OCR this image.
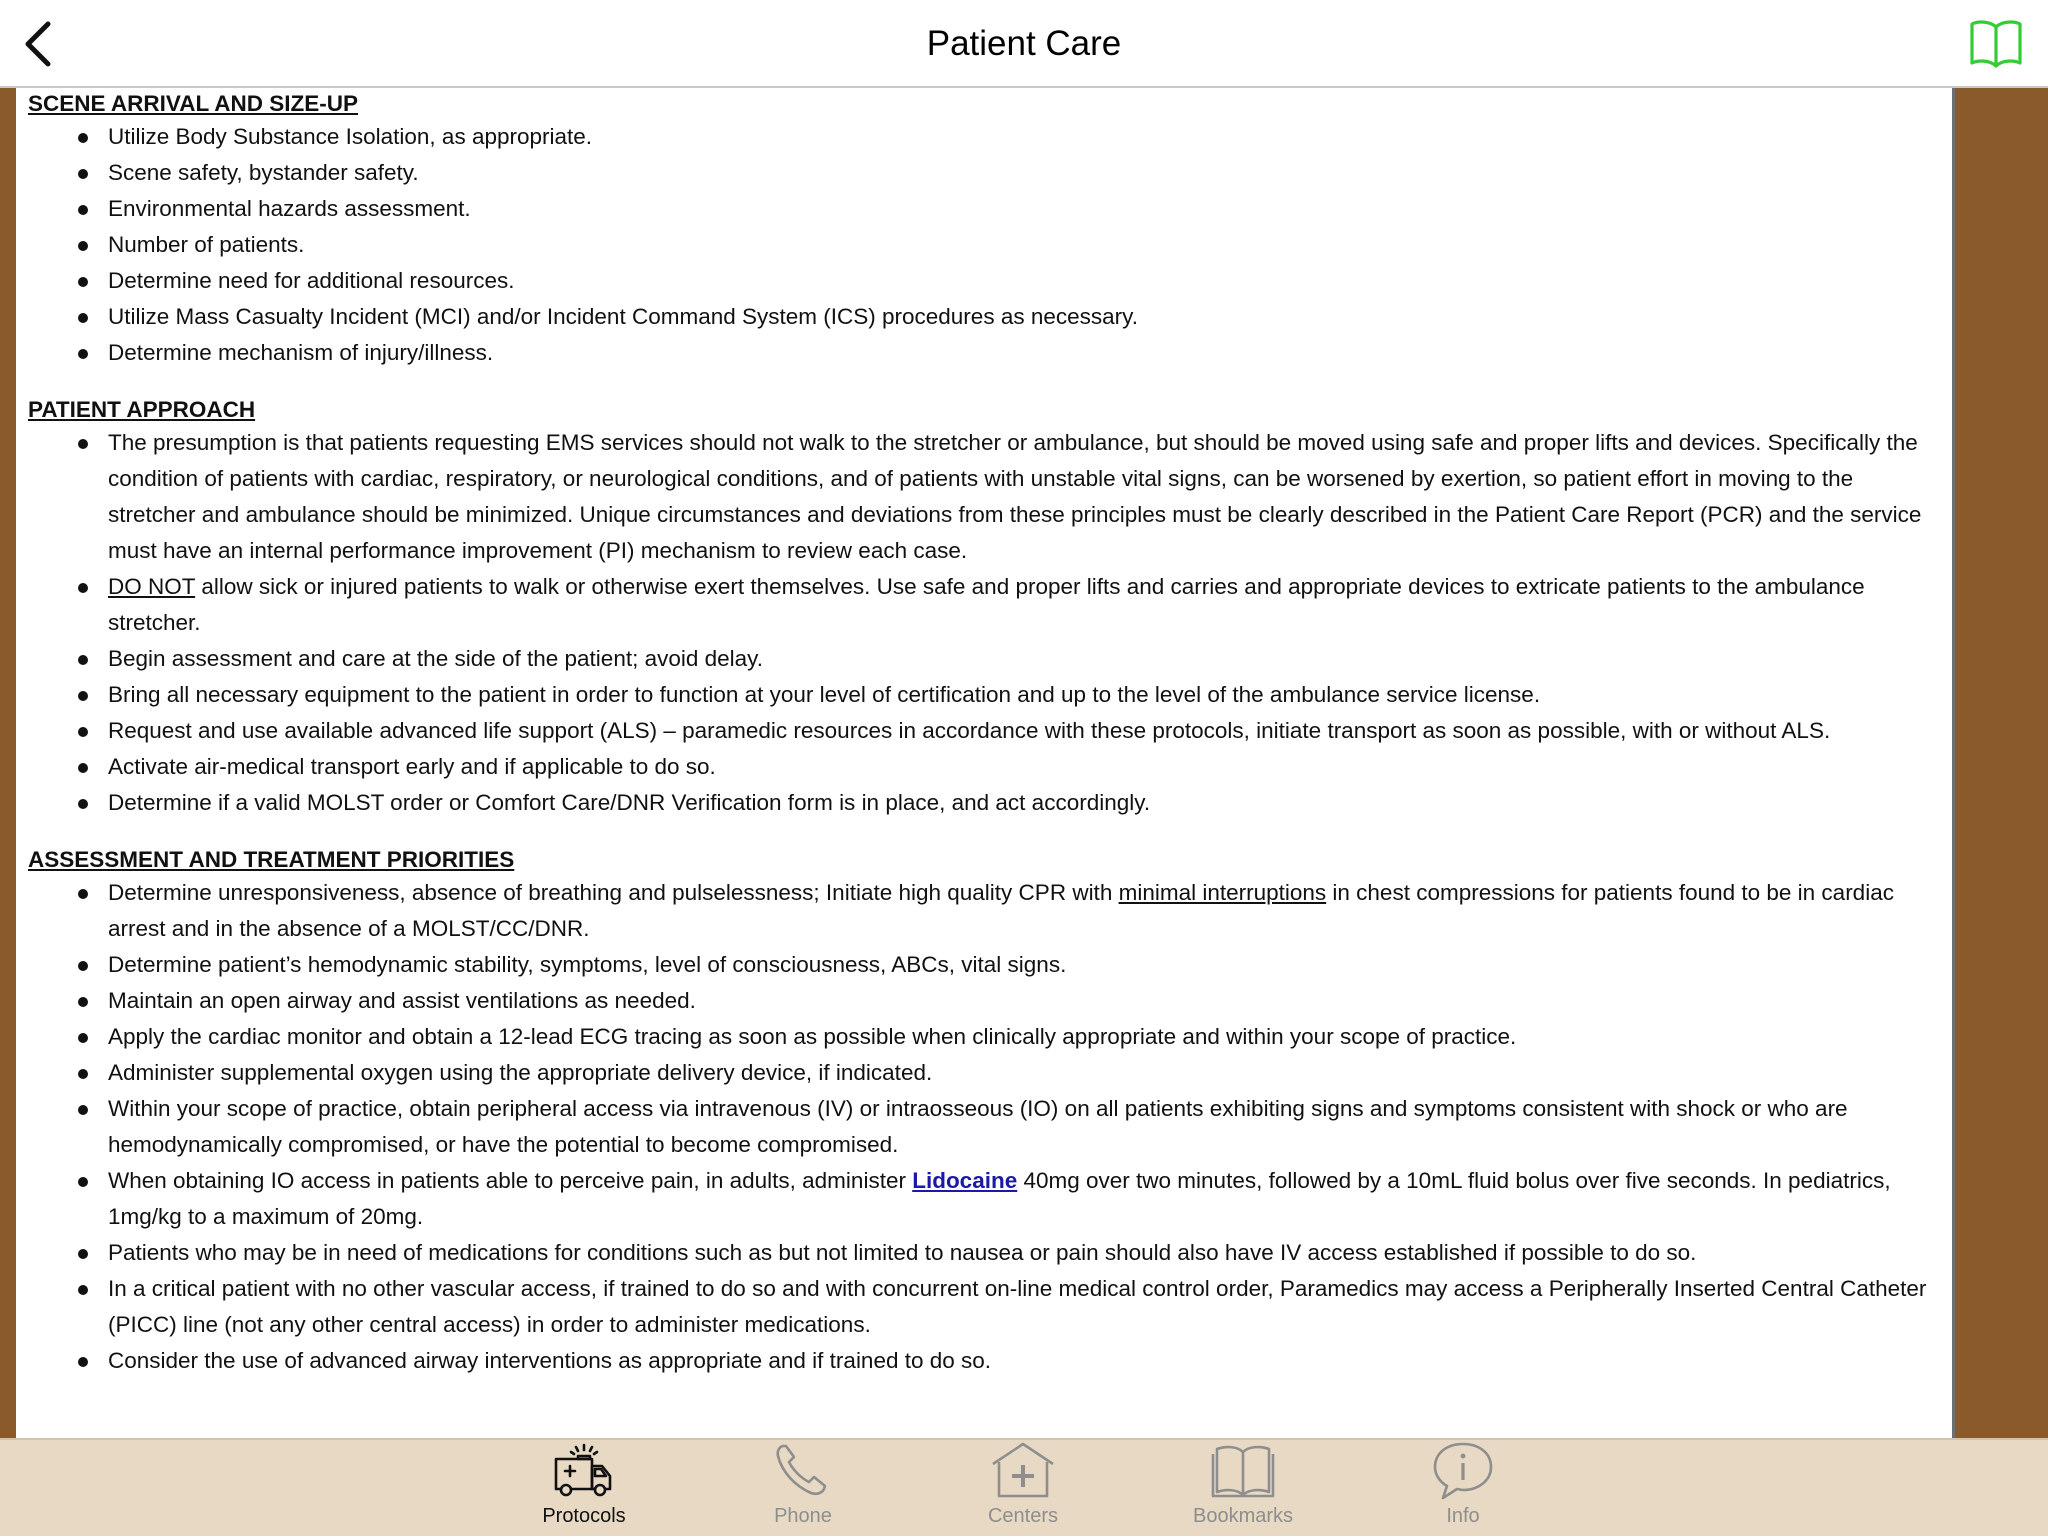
Patient Care
SCENE ARRIVAL AND SIZE-UP
Utilize Body Substance Isolation, as appropriate.
Scene safety, bystander safety.
Environmental hazards assessment.
Number of patients.
Determine need for additional resources.
Utilize Mass Casualty Incident (MCI) and/or Incident Command System (ICS) procedures as necessary.
Determine mechanism of injury/illness.
PATIENT APPROACH
The presumption is that patients requesting EMS services should not walk to the stretcher or ambulance, but should be moved using safe and proper lifts and devices. Specifically the condition of patients with cardiac, respiratory, or neurological conditions, and of patients with unstable vital signs, can be worsened by exertion, so patient effort in moving to the stretcher and ambulance should be minimized. Unique circumstances and deviations from these principles must be clearly described in the Patient Care Report (PCR) and the service must have an internal performance improvement (PI) mechanism to review each case.
DO NOT allow sick or injured patients to walk or otherwise exert themselves. Use safe and proper lifts and carries and appropriate devices to extricate patients to the ambulance stretcher.
Begin assessment and care at the side of the patient; avoid delay.
Bring all necessary equipment to the patient in order to function at your level of certification and up to the level of the ambulance service license.
Request and use available advanced life support (ALS) – paramedic resources in accordance with these protocols, initiate transport as soon as possible, with or without ALS.
Activate air-medical transport early and if applicable to do so.
Determine if a valid MOLST order or Comfort Care/DNR Verification form is in place, and act accordingly.
ASSESSMENT AND TREATMENT PRIORITIES
Determine unresponsiveness, absence of breathing and pulselessness; Initiate high quality CPR with minimal interruptions in chest compressions for patients found to be in cardiac arrest and in the absence of a MOLST/CC/DNR.
Determine patient’s hemodynamic stability, symptoms, level of consciousness, ABCs, vital signs.
Maintain an open airway and assist ventilations as needed.
Apply the cardiac monitor and obtain a 12-lead ECG tracing as soon as possible when clinically appropriate and within your scope of practice.
Administer supplemental oxygen using the appropriate delivery device, if indicated.
Within your scope of practice, obtain peripheral access via intravenous (IV) or intraosseous (IO) on all patients exhibiting signs and symptoms consistent with shock or who are hemodynamically compromised, or have the potential to become compromised.
When obtaining IO access in patients able to perceive pain, in adults, administer Lidocaine 40mg over two minutes, followed by a 10mL fluid bolus over five seconds. In pediatrics, 1mg/kg to a maximum of 20mg.
Patients who may be in need of medications for conditions such as but not limited to nausea or pain should also have IV access established if possible to do so.
In a critical patient with no other vascular access, if trained to do so and with concurrent on-line medical control order, Paramedics may access a Peripherally Inserted Central Catheter (PICC) line (not any other central access) in order to administer medications.
Consider the use of advanced airway interventions as appropriate and if trained to do so.
Protocols	Phone	Centers	Bookmarks	Info
